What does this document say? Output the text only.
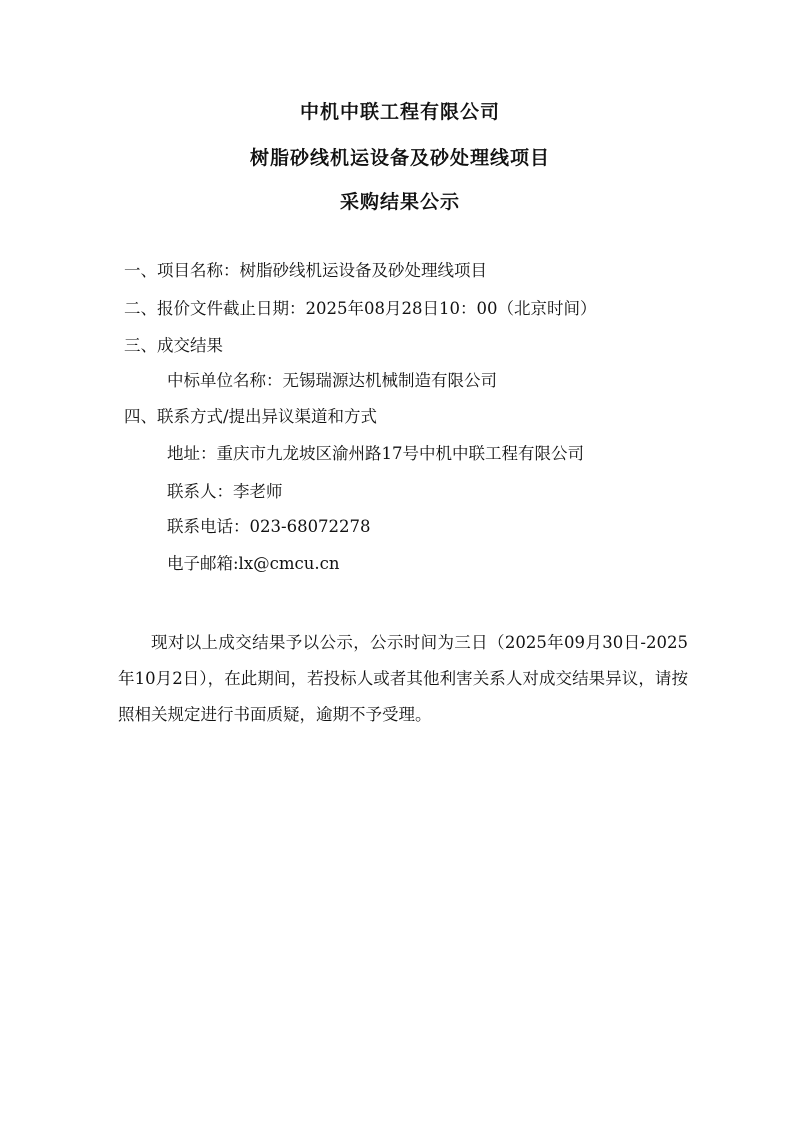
中机中联工程有限公司
树脂砂线机运设备及砂处理线项目
采购结果公示
一、项目名称：树脂砂线机运设备及砂处理线项目
二、报价文件截止日期：2025年08月28日10：00（北京时间）
三、成交结果
中标单位名称：无锡瑞源达机械制造有限公司
四、联系方式/提出异议渠道和方式
地址：重庆市九龙坡区渝州路17号中机中联工程有限公司
联系人：李老师
联系电话：023-68072278
电子邮箱:lx@cmcu.cn
现对以上成交结果予以公示，公示时间为三日（2025年09月30日-2025年10月2日），在此期间，若投标人或者其他利害关系人对成交结果异议，请按照相关规定进行书面质疑，逾期不予受理。
